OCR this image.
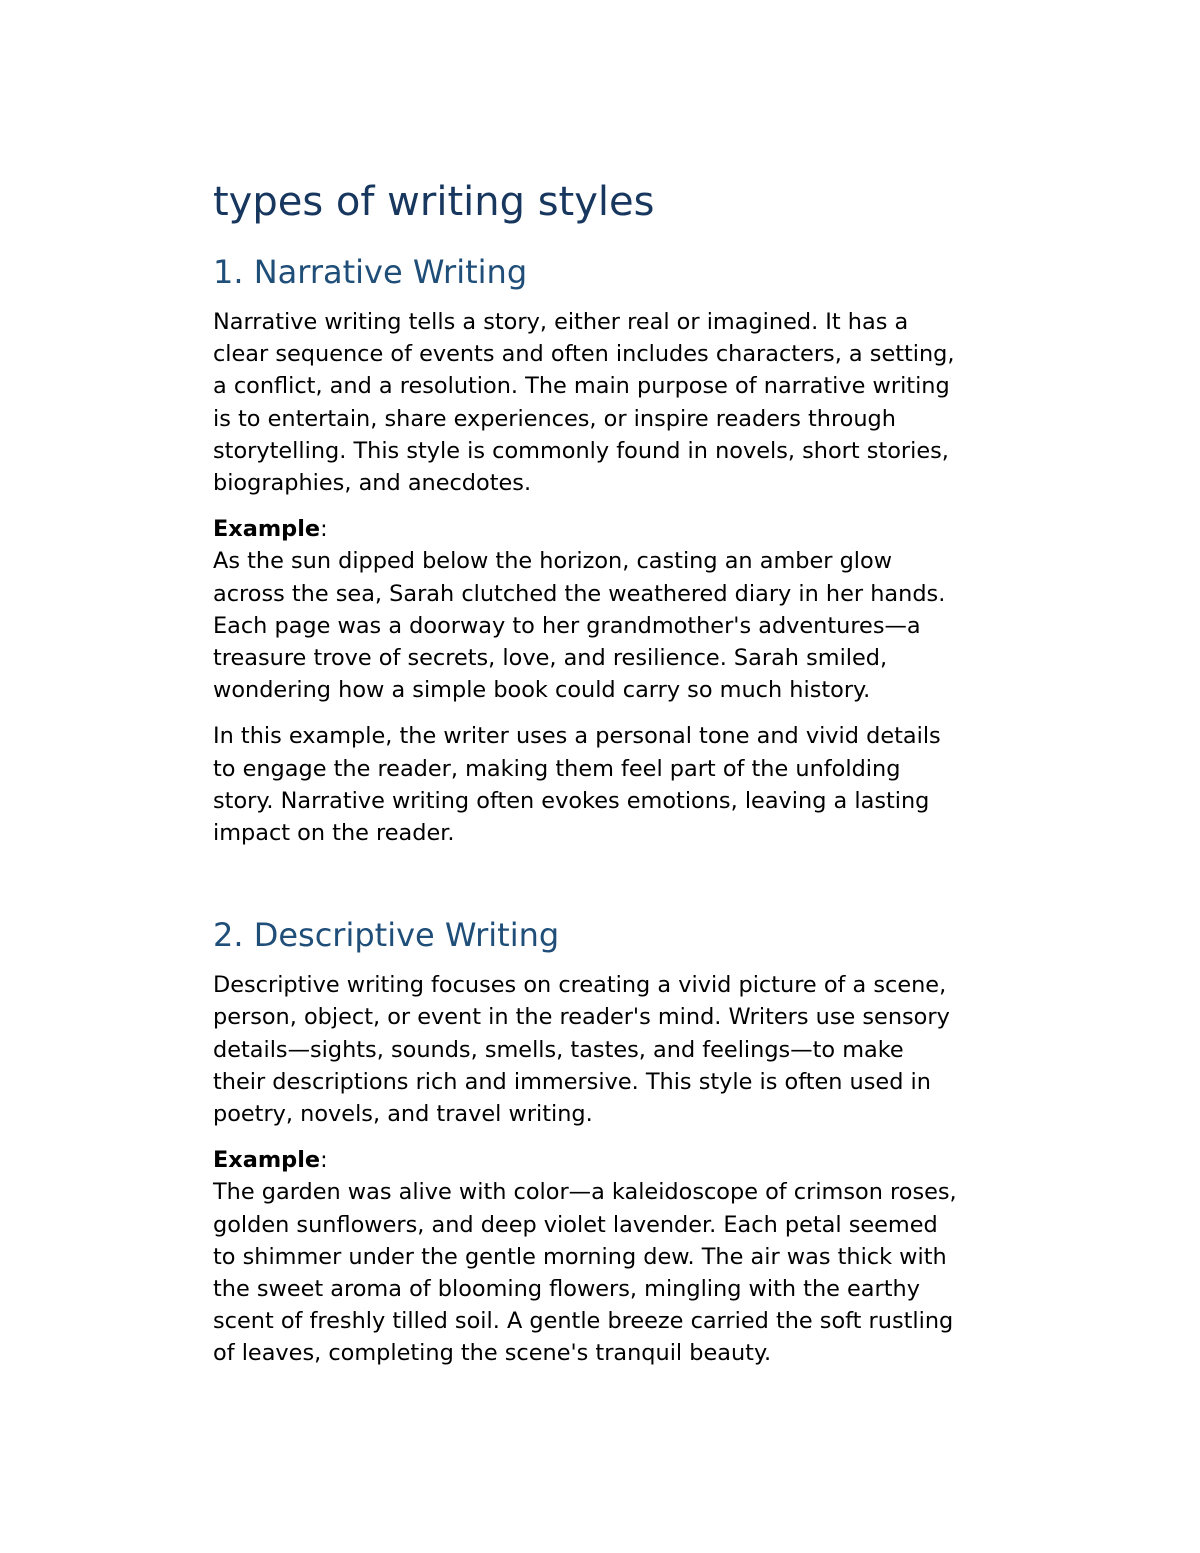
types of writing styles
1. Narrative Writing

Narrative writing tells a story, either real or imagined. It has a
clear sequence of events and often includes characters, a setting,
a conflict, and a resolution. The main purpose of narrative writing
is to entertain, share experiences, or inspire readers through
storytelling. This style is commonly found in novels, short stories,
biographies, and anecdotes.

Example:
As the sun dipped below the horizon, casting an amber glow
across the sea, Sarah clutched the weathered diary in her hands.
Each page was a doorway to her grandmother's adventures—a
treasure trove of secrets, love, and resilience. Sarah smiled,
wondering how a simple book could carry so much history.

In this example, the writer uses a personal tone and vivid details
to engage the reader, making them feel part of the unfolding
story. Narrative writing often evokes emotions, leaving a lasting
impact on the reader.

2. Descriptive Writing

Descriptive writing focuses on creating a vivid picture of a scene,
person, object, or event in the reader's mind. Writers use sensory
details—sights, sounds, smells, tastes, and feelings—to make
their descriptions rich and immersive. This style is often used in
poetry, novels, and travel writing.

Example:
The garden was alive with color—a kaleidoscope of crimson roses,
golden sunflowers, and deep violet lavender. Each petal seemed
to shimmer under the gentle morning dew. The air was thick with
the sweet aroma of blooming flowers, mingling with the earthy
scent of freshly tilled soil. A gentle breeze carried the soft rustling
of leaves, completing the scene's tranquil beauty.
